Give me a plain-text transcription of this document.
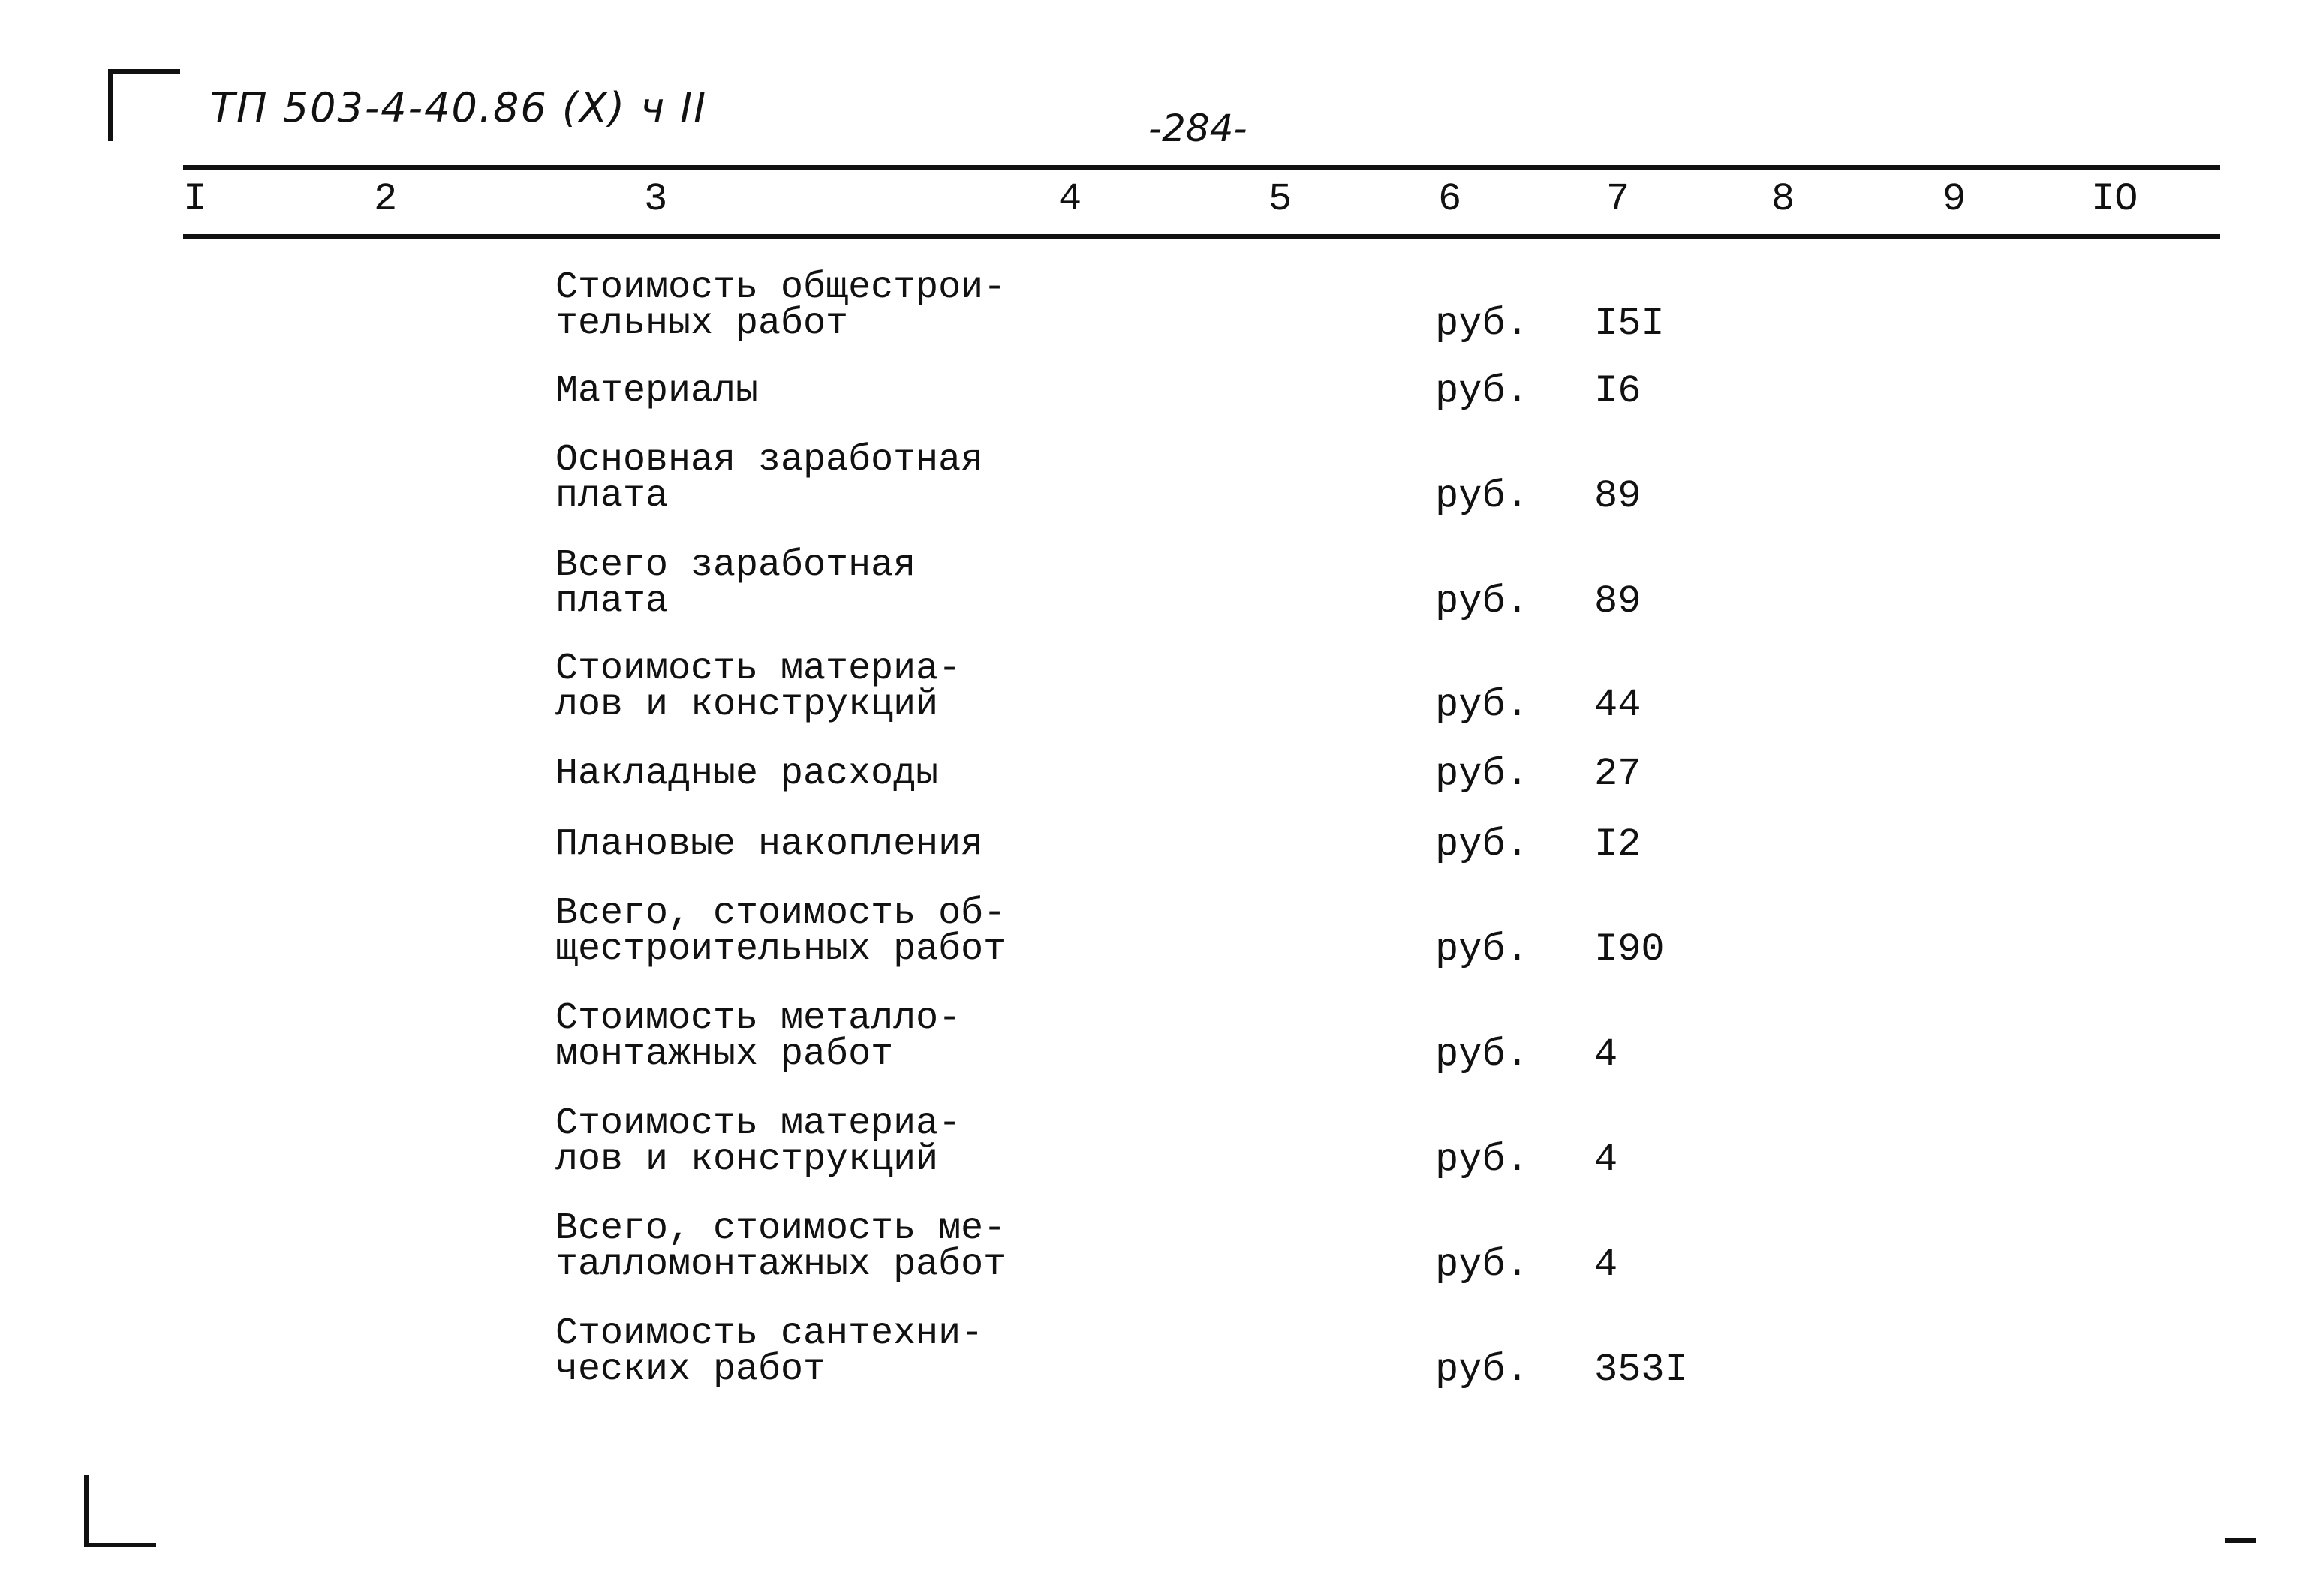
ТП 503-4-40.86 (Х) ч II	-284-
I	2	3	4	5	6	7	8	9	IO
Стоимость общестрои-
тельных работ	руб. I5I
Материалы	руб. I6
Основная заработная
плата	руб. 89
Всего заработная
плата	руб. 89
Стоимость материа-
лов и конструкций	руб. 44
Накладные расходы	руб. 27
Плановые накопления	руб. I2
Всего, стоимость об-
щестроительных работ	руб. I90
Стоимость металло-
монтажных работ	руб. 4
Стоимость материа-
лов и конструкций	руб. 4
Всего, стоимость ме-
талломонтажных работ	руб. 4
Стоимость сантехни-
ческих работ	руб. 353I
